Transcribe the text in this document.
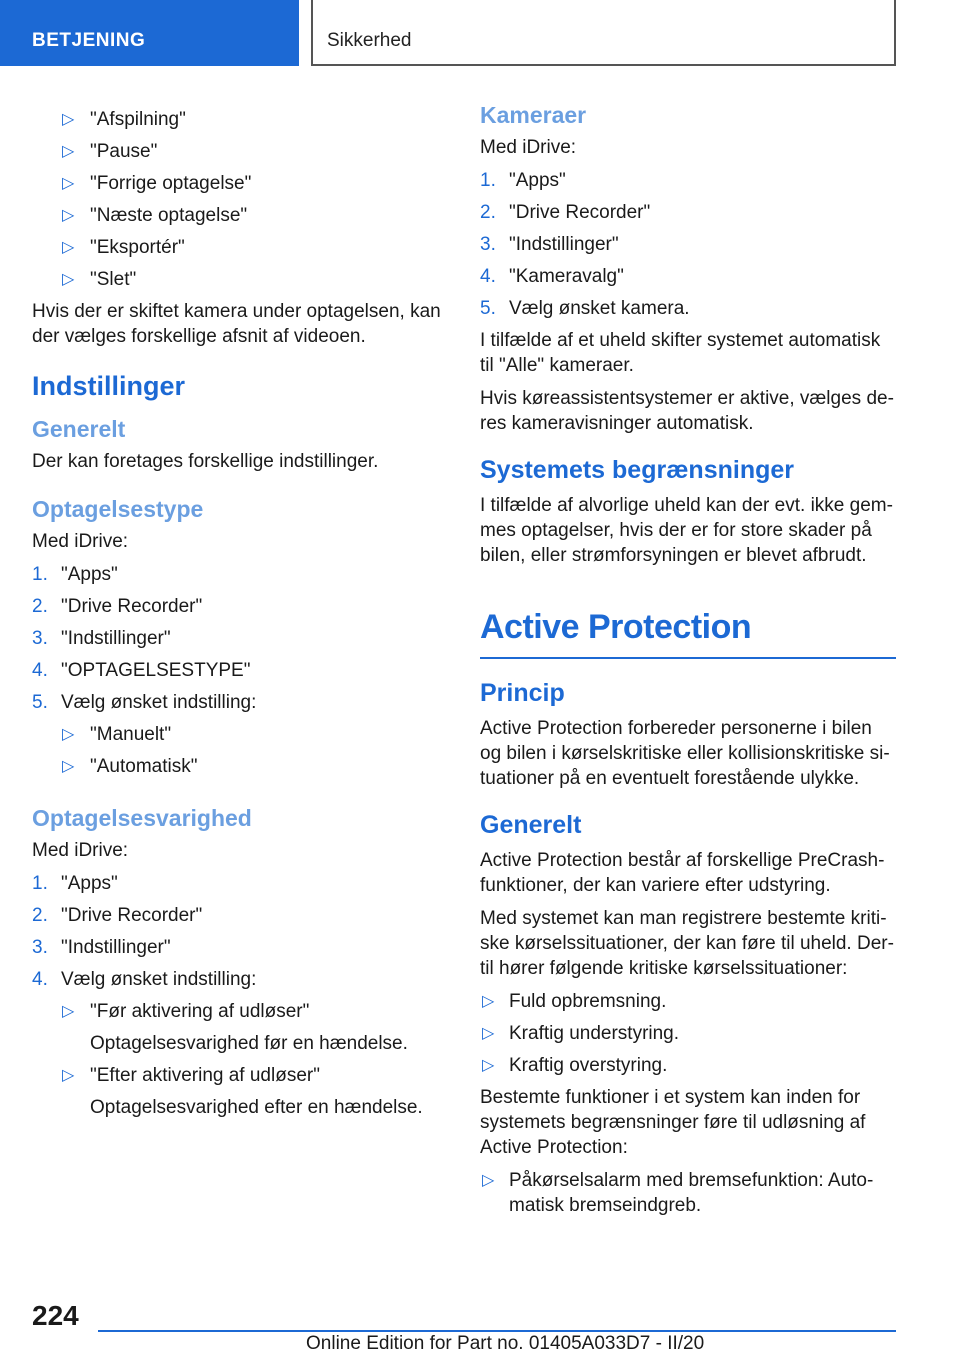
BETJENING	Sikkerhed
▷ "Afspilning"
▷ "Pause"
▷ "Forrige optagelse"
▷ "Næste optagelse"
▷ "Eksportér"
▷ "Slet"

Hvis der er skiftet kamera under optagelsen, kan der vælges forskellige afsnit af videoen.

Indstillinger
Generelt

Der kan foretages forskellige indstillinger.

Optagelsestype

Med iDrive:

1. "Apps"
2. "Drive Recorder"
3. "Indstillinger"
4. "OPTAGELSESTYPE"
5. Vælg ønsket indstilling:
▷ "Manuelt"
▷ "Automatisk"
Optagelsesvarighed

Med iDrive:

1. "Apps"
2. "Drive Recorder"
3. "Indstillinger"
4. Vælg ønsket indstilling:
▷ "Før aktivering af udløser"
Optagelsesvarighed før en hændelse.
▷ "Efter aktivering af udløser"
Optagelsesvarighed efter en hændelse.
Kameraer

Med iDrive:

1. "Apps"
2. "Drive Recorder"
3. "Indstillinger"
4. "Kameravalg"
5. Vælg ønsket kamera.

I tilfælde af et uheld skifter systemet automatisk til "Alle" kameraer.

Hvis køreassistentsystemer er aktive, vælges de-res kameravisninger automatisk.

Systemets begrænsninger

I tilfælde af alvorlige uheld kan der evt. ikke gem-mes optagelser, hvis der er for store skader på bilen, eller strømforsyningen er blevet afbrudt.

Active Protection
Princip

Active Protection forbereder personerne i bilen og bilen i kørselskritiske eller kollisionskritiske si-tuationer på en eventuelt forestående ulykke.

Generelt

Active Protection består af forskellige PreCrash-funktioner, der kan variere efter udstyring.

Med systemet kan man registrere bestemte kriti-ske kørselssituationer, der kan føre til uheld. Der-til hører følgende kritiske kørselssituationer:

▷ Fuld opbremsning.
▷ Kraftig understyring.
▷ Kraftig overstyring.

Bestemte funktioner i et system kan inden for systemets begrænsninger føre til udløsning af Active Protection:

▷ Påkørselsalarm med bremsefunktion: Auto-matisk bremseindgreb.
224
Online Edition for Part no. 01405A033D7 - II/20
